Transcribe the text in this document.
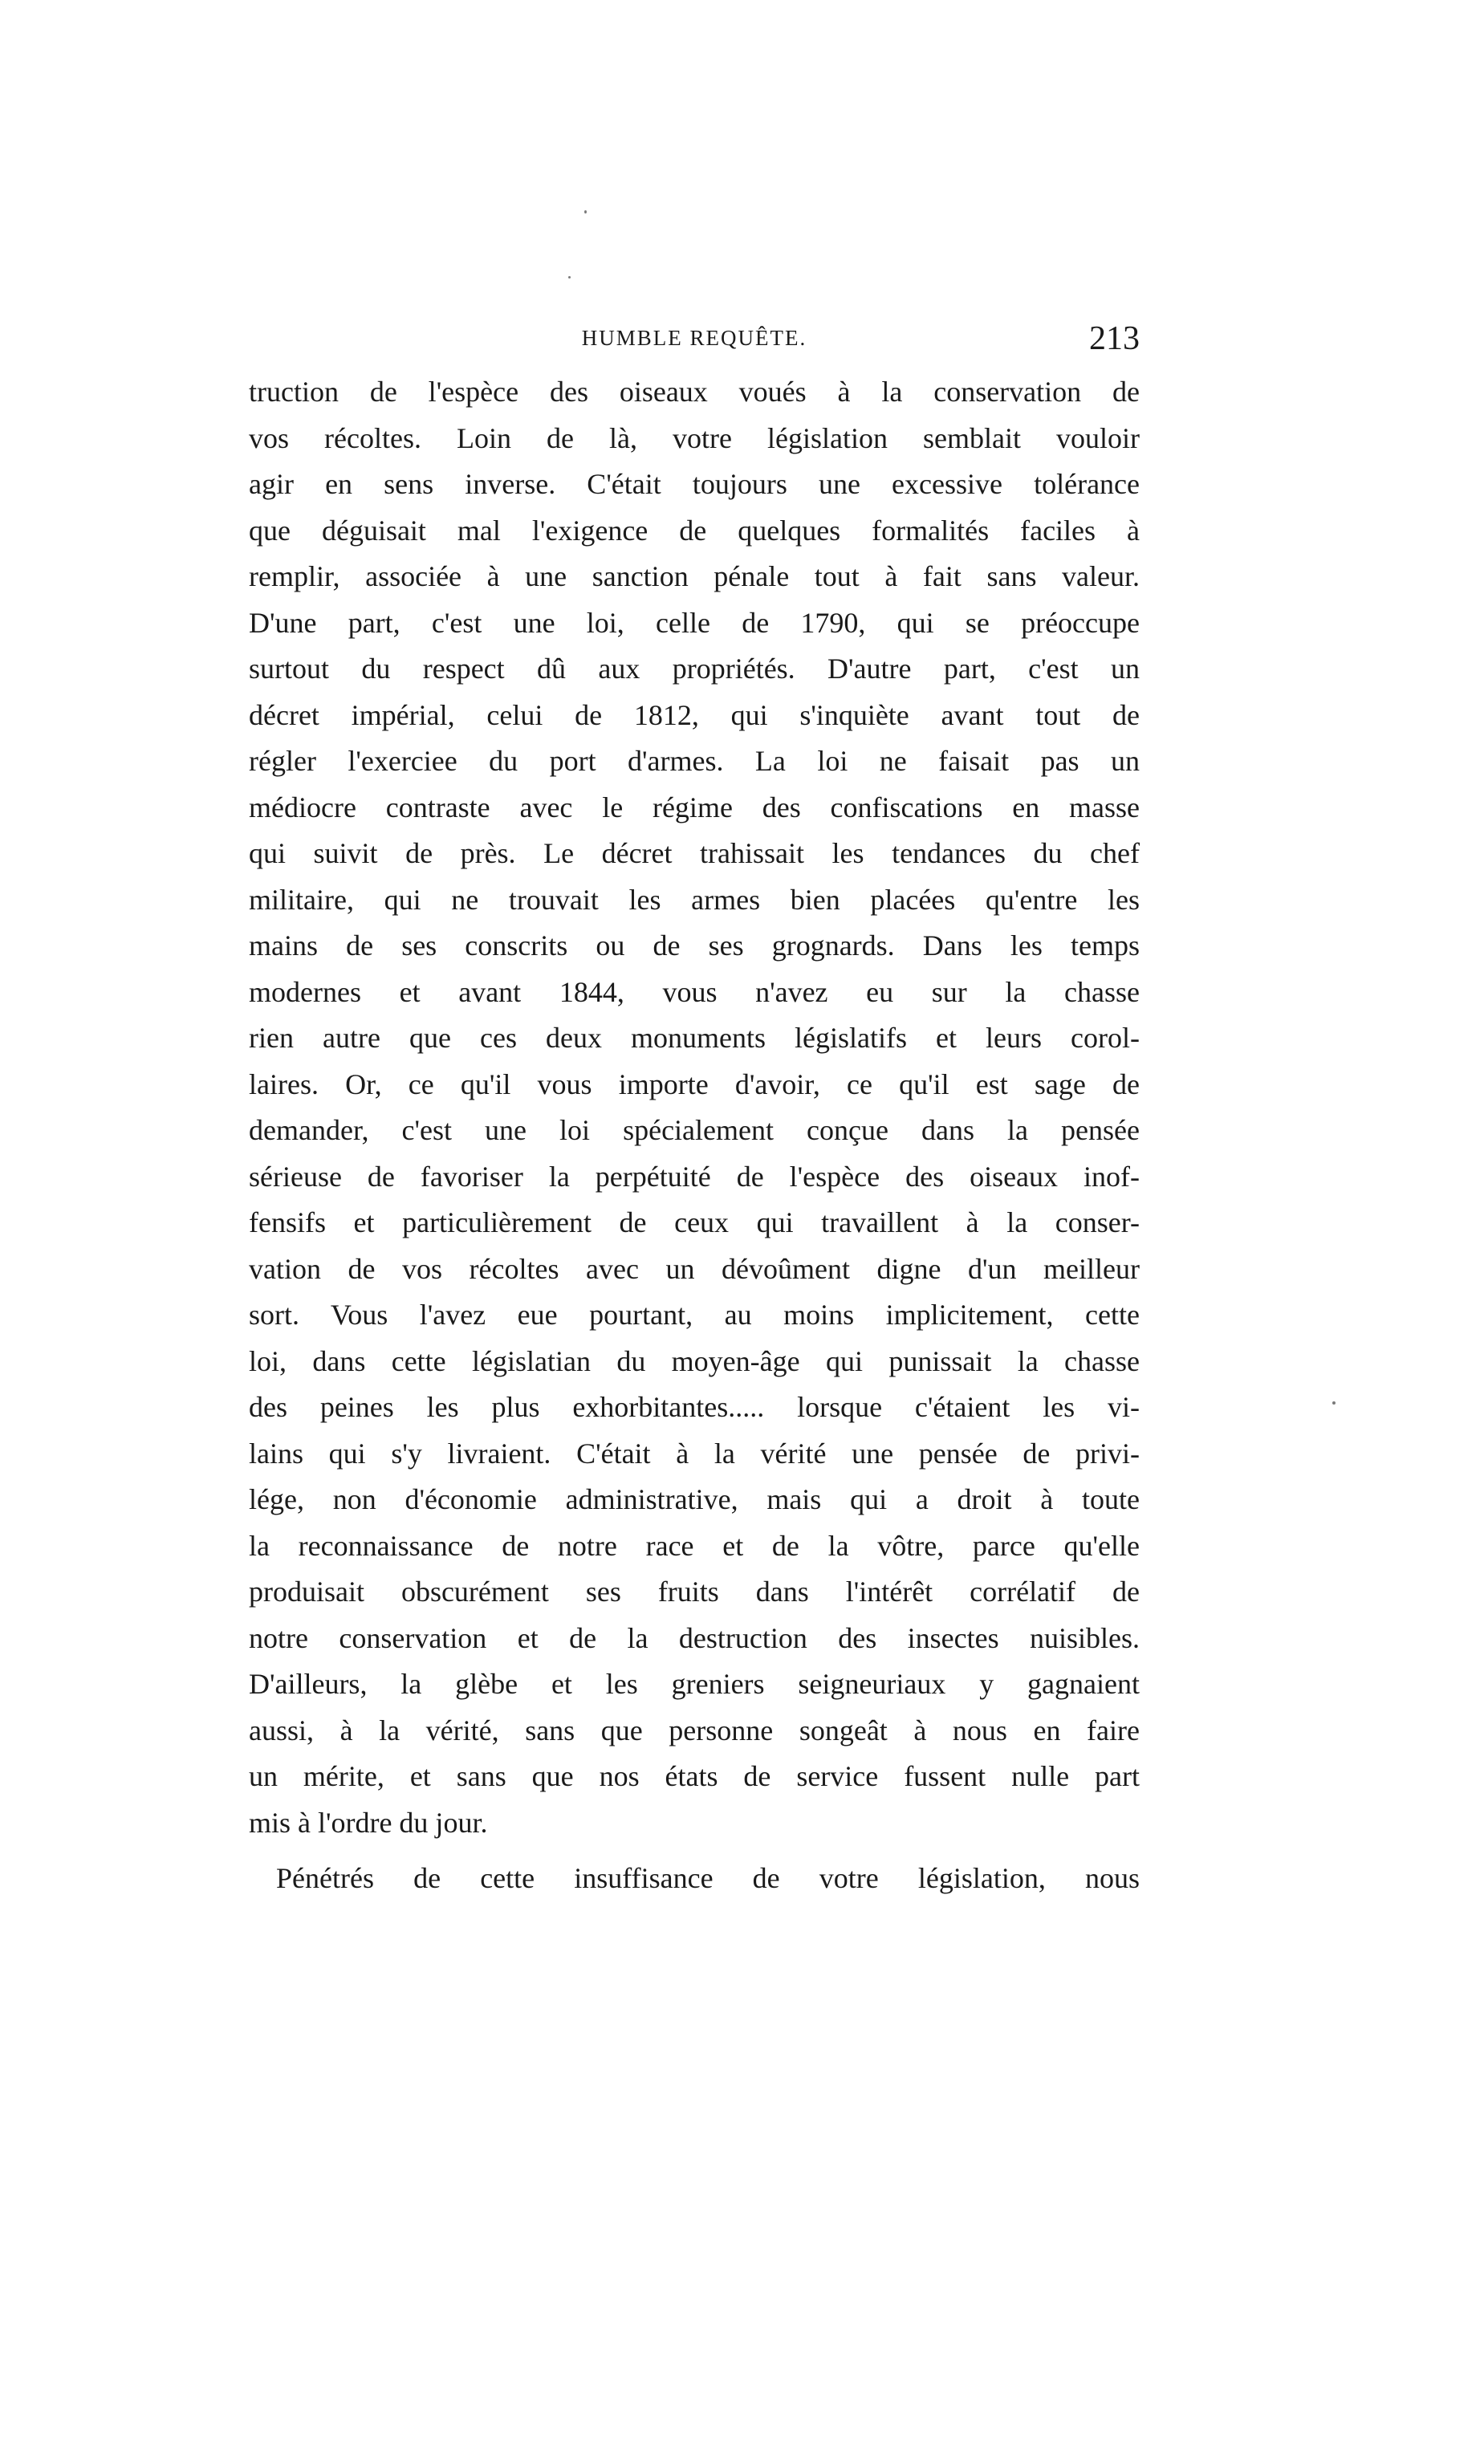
HUMBLE REQUÊTE.	213
truction de l'espèce des oiseaux voués à la conservation de
vos récoltes. Loin de là, votre législation semblait vouloir
agir en sens inverse. C'était toujours une excessive tolérance
que déguisait mal l'exigence de quelques formalités faciles à
remplir, associée à une sanction pénale tout à fait sans valeur.
D'une part, c'est une loi, celle de 1790, qui se préoccupe
surtout du respect dû aux propriétés. D'autre part, c'est un
décret impérial, celui de 1812, qui s'inquiète avant tout de
régler l'exerciee du port d'armes. La loi ne faisait pas un
médiocre contraste avec le régime des confiscations en masse
qui suivit de près. Le décret trahissait les tendances du chef
militaire, qui ne trouvait les armes bien placées qu'entre les
mains de ses conscrits ou de ses grognards. Dans les temps
modernes et avant 1844, vous n'avez eu sur la chasse
rien autre que ces deux monuments législatifs et leurs corol-
laires. Or, ce qu'il vous importe d'avoir, ce qu'il est sage de
demander, c'est une loi spécialement conçue dans la pensée
sérieuse de favoriser la perpétuité de l'espèce des oiseaux inof-
fensifs et particulièrement de ceux qui travaillent à la conser-
vation de vos récoltes avec un dévoûment digne d'un meilleur
sort. Vous l'avez eue pourtant, au moins implicitement, cette
loi, dans cette législatian du moyen-âge qui punissait la chasse
des peines les plus exhorbitantes..... lorsque c'étaient les vi-
lains qui s'y livraient. C'était à la vérité une pensée de privi-
lége, non d'économie administrative, mais qui a droit à toute
la reconnaissance de notre race et de la vôtre, parce qu'elle
produisait obscurément ses fruits dans l'intérêt corrélatif de
notre conservation et de la destruction des insectes nuisibles.
D'ailleurs, la glèbe et les greniers seigneuriaux y gagnaient
aussi, à la vérité, sans que personne songeât à nous en faire
un mérite, et sans que nos états de service fussent nulle part
mis à l'ordre du jour.
Pénétrés de cette insuffisance de votre législation, nous
